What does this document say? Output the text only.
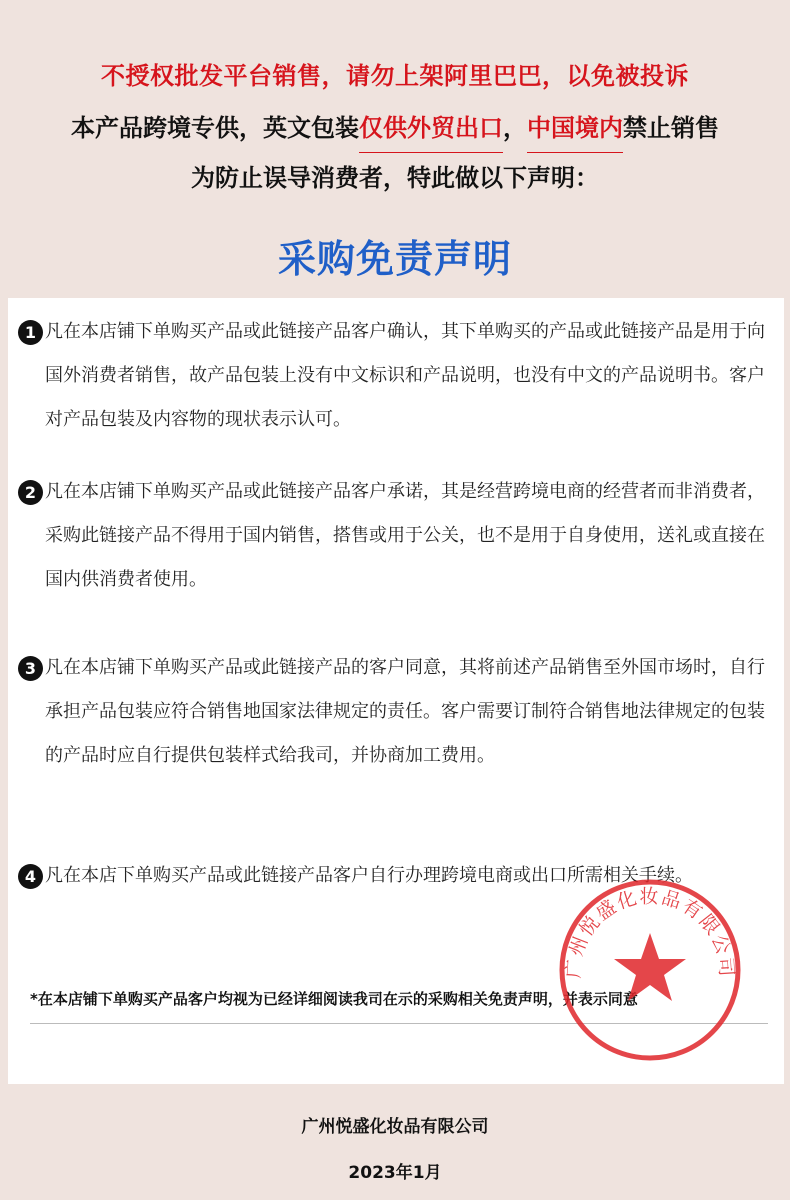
不授权批发平台销售，请勿上架阿里巴巴，以免被投诉
本产品跨境专供，英文包装仅供外贸出口，中国境内禁止销售
为防止误导消费者，特此做以下声明：
采购免责声明
1 凡在本店铺下单购买产品或此链接产品客户确认，其下单购买的产品或此链接产品是用于向国外消费者销售，故产品包装上没有中文标识和产品说明，也没有中文的产品说明书。客户对产品包装及内容物的现状表示认可。
2 凡在本店铺下单购买产品或此链接产品客户承诺，其是经营跨境电商的经营者而非消费者，采购此链接产品不得用于国内销售，搭售或用于公关，也不是用于自身使用，送礼或直接在国内供消费者使用。
3 凡在本店铺下单购买产品或此链接产品的客户同意，其将前述产品销售至外国市场时，自行承担产品包装应符合销售地国家法律规定的责任。客户需要订制符合销售地法律规定的包装的产品时应自行提供包装样式给我司，并协商加工费用。
4 凡在本店下单购买产品或此链接产品客户自行办理跨境电商或出口所需相关手续。
*在本店铺下单购买产品客户均视为已经详细阅读我司在示的采购相关免责声明，并表示同意
广州悦盛化妆品有限公司
广州悦盛化妆品有限公司
2023年1月
